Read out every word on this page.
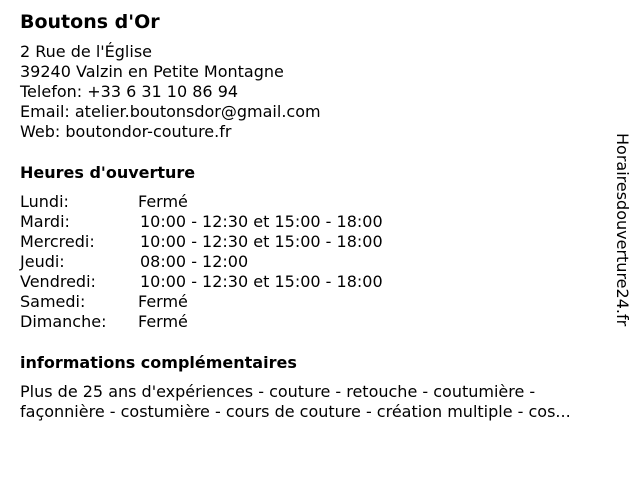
Boutons d'Or
2 Rue de l'Église
39240 Valzin en Petite Montagne
Telefon: +33 6 31 10 86 94
Email: atelier.boutonsdor@gmail.com
Web: boutondor-couture.fr
Heures d'ouverture
Lundi:	Fermé
Mardi:	10:00 - 12:30 et 15:00 - 18:00
Mercredi:	10:00 - 12:30 et 15:00 - 18:00
Jeudi:	08:00 - 12:00
Vendredi:	10:00 - 12:30 et 15:00 - 18:00
Samedi:	Fermé
Dimanche:	Fermé
informations complémentaires
Plus de 25 ans d'expériences - couture - retouche - coutumière -
façonnière - costumière - cours de couture - création multiple - cos...
Horairesdouverture24.fr
